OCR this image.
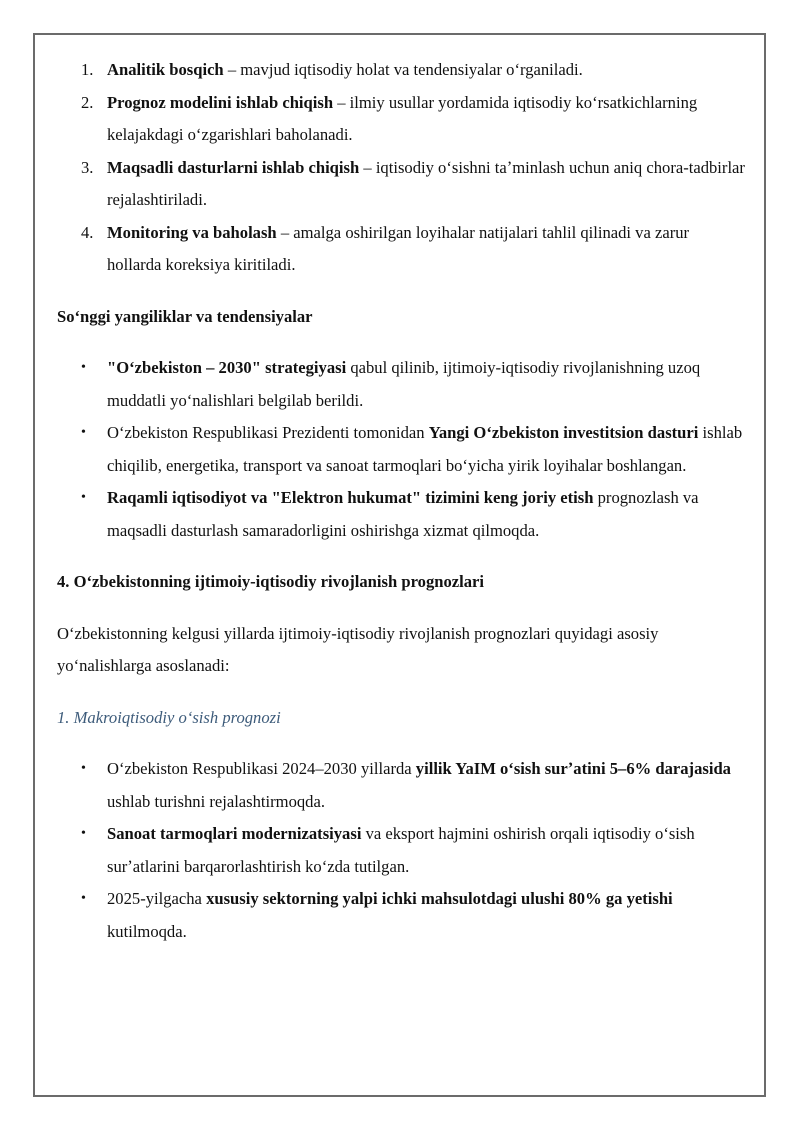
1. Analitik bosqich – mavjud iqtisodiy holat va tendensiyalar oʻrganiladi.
2. Prognoz modelini ishlab chiqish – ilmiy usullar yordamida iqtisodiy koʻrsatkichlarning kelajakdagi oʻzgarishlari baholanadi.
3. Maqsadli dasturlarni ishlab chiqish – iqtisodiy oʻsishni taʼminlash uchun aniq chora-tadbirlar rejalashtiriladi.
4. Monitoring va baholash – amalga oshirilgan loyihalar natijalari tahlil qilinadi va zarur hollarda koreksiya kiritiladi.

Soʻnggi yangiliklar va tendensiyalar

• "Oʻzbekiston – 2030" strategiyasi qabul qilinib, ijtimoiy-iqtisodiy rivojlanishning uzoq muddatli yoʻnalishlari belgilab berildi.
• Oʻzbekiston Respublikasi Prezidenti tomonidan Yangi Oʻzbekiston investitsion dasturi ishlab chiqilib, energetika, transport va sanoat tarmoqlari boʻyicha yirik loyihalar boshlangan.
• Raqamli iqtisodiyot va "Elektron hukumat" tizimini keng joriy etish prognozlash va maqsadli dasturlash samaradorligini oshirishga xizmat qilmoqda.

4. Oʻzbekistonning ijtimoiy-iqtisodiy rivojlanish prognozlari

Oʻzbekistonning kelgusi yillarda ijtimoiy-iqtisodiy rivojlanish prognozlari quyidagi asosiy yoʻnalishlarga asoslanadi:

1. Makroiqtisodiy oʻsish prognozi

• Oʻzbekiston Respublikasi 2024–2030 yillarda yillik YaIM oʻsish surʼatini 5–6% darajasida ushlab turishni rejalashtirmoqda.
• Sanoat tarmoqlari modernizatsiyasi va eksport hajmini oshirish orqali iqtisodiy oʻsish surʼatlarini barqarorlashtirish koʻzda tutilgan.
• 2025-yilgacha xususiy sektorning yalpi ichki mahsulotdagi ulushi 80% ga yetishi kutilmoqda.
